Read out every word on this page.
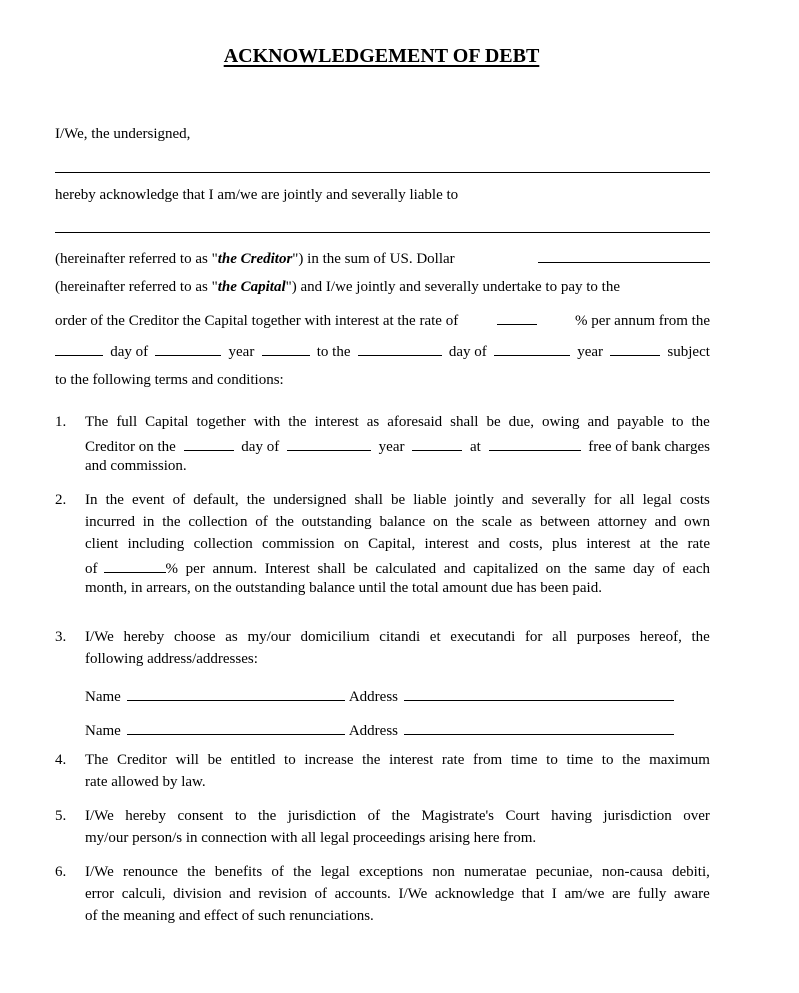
ACKNOWLEDGEMENT OF DEBT
I/We, the undersigned,
hereby acknowledge that I am/we are jointly and severally liable to
(hereinafter referred to as "the Creditor") in the sum of US. Dollar
(hereinafter referred to as " the Capital ") and I/we jointly and severally undertake to pay to the
order of the Creditor the Capital together with interest at the rate of	% per annum from the
day of	year	to the	day of	year	subject
to the following terms and conditions:
1. The full Capital together with the interest as aforesaid shall be due, owing and payable to the
Creditor on the	day of	year	at	free of bank charges
and commission.
2. In the event of default, the undersigned shall be liable jointly and severally for all legal costs
incurred in the collection of the outstanding balance on the scale as between attorney and own
client including collection commission on Capital, interest and costs, plus interest at the rate
of	% per annum. Interest shall be calculated and capitalized on the same day of each
month, in arrears, on the outstanding balance until the total amount due has been paid.
3. I/We hereby choose as my/our domicilium citandi et executandi for all purposes hereof, the
following address/addresses:
Name	Address
Name	Address
4. The Creditor will be entitled to increase the interest rate from time to time to the maximum
rate allowed by law.
5. I/We hereby consent to the jurisdiction of the Magistrate's Court having jurisdiction over
my/our person/s in connection with all legal proceedings arising here from.
6. I/We renounce the benefits of the legal exceptions non numeratae pecuniae, non-causa debiti,
error calculi, division and revision of accounts. I/We acknowledge that I am/we are fully aware
of the meaning and effect of such renunciations.
